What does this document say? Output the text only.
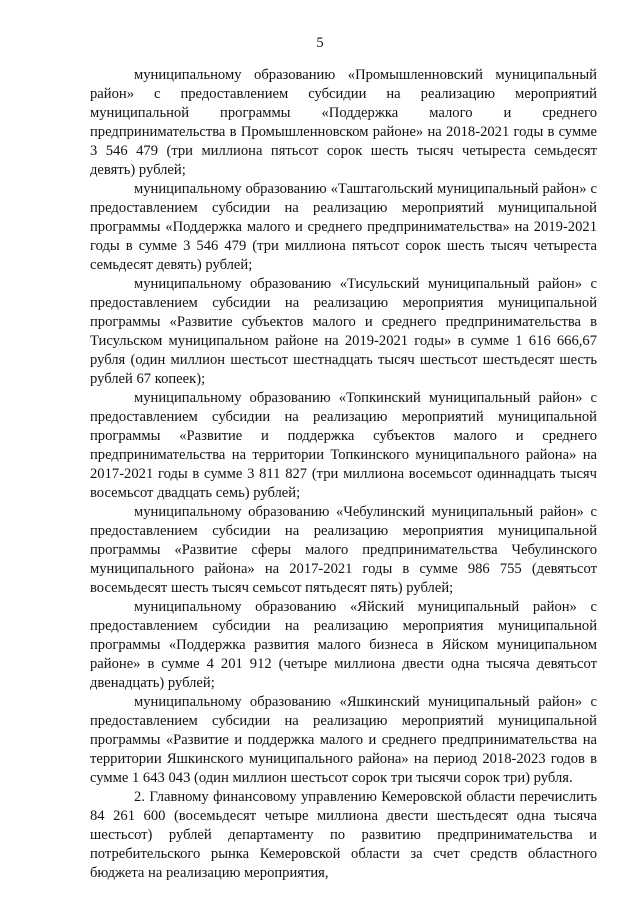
5

муниципальному образованию «Промышленновский муниципальный район» с предоставлением субсидии на реализацию мероприятий муниципальной программы «Поддержка малого и среднего предпринимательства в Промышленновском районе» на 2018-2021 годы в сумме 3 546 479 (три миллиона пятьсот сорок шесть тысяч четыреста семьдесят девять) рублей;

муниципальному образованию «Таштагольский муниципальный район» с предоставлением субсидии на реализацию мероприятий муниципальной программы «Поддержка малого и среднего предпринимательства» на 2019-2021 годы в сумме 3 546 479 (три миллиона пятьсот сорок шесть тысяч четыреста семьдесят девять) рублей;

муниципальному образованию «Тисульский муниципальный район» с предоставлением субсидии на реализацию мероприятия муниципальной программы «Развитие субъектов малого и среднего предпринимательства в Тисульском муниципальном районе на 2019-2021 годы» в сумме 1 616 666,67 рубля (один миллион шестьсот шестнадцать тысяч шестьсот шестьдесят шесть рублей 67 копеек);

муниципальному образованию «Топкинский муниципальный район» с предоставлением субсидии на реализацию мероприятий муниципальной программы «Развитие и поддержка субъектов малого и среднего предпринимательства на территории Топкинского муниципального района» на 2017-2021 годы в сумме 3 811 827 (три миллиона восемьсот одиннадцать тысяч восемьсот двадцать семь) рублей;

муниципальному образованию «Чебулинский муниципальный район» с предоставлением субсидии на реализацию мероприятия муниципальной программы «Развитие сферы малого предпринимательства Чебулинского муниципального района» на 2017-2021 годы в сумме 986 755 (девятьсот восемьдесят шесть тысяч семьсот пятьдесят пять) рублей;

муниципальному образованию «Яйский муниципальный район» с предоставлением субсидии на реализацию мероприятия муниципальной программы «Поддержка развития малого бизнеса в Яйском муниципальном районе» в сумме 4 201 912 (четыре миллиона двести одна тысяча девятьсот двенадцать) рублей;

муниципальному образованию «Яшкинский муниципальный район» с предоставлением субсидии на реализацию мероприятий муниципальной программы «Развитие и поддержка малого и среднего предпринимательства на территории Яшкинского муниципального района» на период 2018-2023 годов в сумме 1 643 043 (один миллион шестьсот сорок три тысячи сорок три) рубля.

2. Главному финансовому управлению Кемеровской области перечислить 84 261 600 (восемьдесят четыре миллиона двести шестьдесят одна тысяча шестьсот) рублей департаменту по развитию предпринимательства и потребительского рынка Кемеровской области за счет средств областного бюджета на реализацию мероприятия,
